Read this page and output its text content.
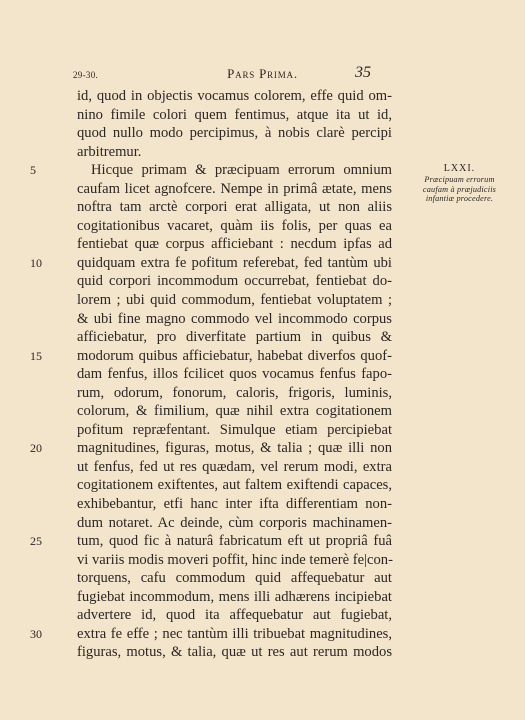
29-30.	Pars Prima.	35
5
10
15
20
25
30
LXXI.
Præcipuam errorum
caufam à præjudiciis
infantiæ procedere.
id, quod in objectis vocamus colorem, effe quid om-
nino fimile colori quem fentimus, atque ita ut id,
quod nullo modo percipimus, à nobis clarè percipi
arbitremur.
Hicque primam & præcipuam errorum omnium
caufam licet agnofcere. Nempe in primâ ætate, mens
noftra tam arctè corpori erat alligata, ut non aliis
cogitationibus vacaret, quàm iis folis, per quas ea
fentiebat quæ corpus afficiebant : necdum ipfas ad
quidquam extra fe pofitum referebat, fed tantùm ubi
quid corpori incommodum occurrebat, fentiebat do-
lorem ; ubi quid commodum, fentiebat voluptatem ;
& ubi fine magno commodo vel incommodo corpus
afficiebatur, pro diverfitate partium in quibus &
modorum quibus afficiebatur, habebat diverfos quof-
dam fenfus, illos fcilicet quos vocamus fenfus fapo-
rum, odorum, fonorum, caloris, frigoris, luminis,
colorum, & fimilium, quæ nihil extra cogitationem
pofitum repræfentant. Simulque etiam percipiebat
magnitudines, figuras, motus, & talia ; quæ illi non
ut fenfus, fed ut res quædam, vel rerum modi, extra
cogitationem exiftentes, aut faltem exiftendi capaces,
exhibebantur, etfi hanc inter ifta differentiam non-
dum notaret. Ac deinde, cùm corporis machinamen-
tum, quod fic à naturâ fabricatum eft ut propriâ fuâ
vi variis modis moveri poffit, hinc inde temerè fe|con-
torquens, cafu commodum quid affequebatur aut
fugiebat incommodum, mens illi adhærens incipiebat
advertere id, quod ita affequebatur aut fugiebat,
extra fe effe ; nec tantùm illi tribuebat magnitudines,
figuras, motus, & talia, quæ ut res aut rerum modos
